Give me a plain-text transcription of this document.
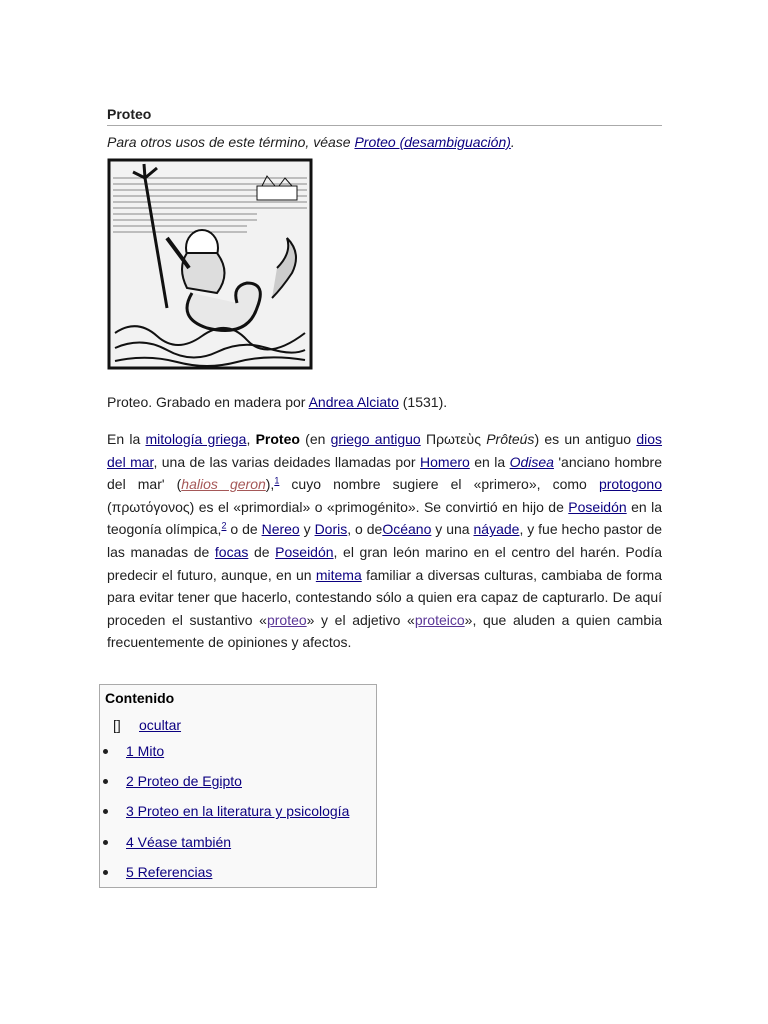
Proteo

Para otros usos de este término, véase Proteo (desambiguación).

Proteo. Grabado en madera por Andrea Alciato (1531).

En la mitología griega, Proteo (en griego antiguo Πρωτεὺς Prôteús) es un antiguo dios del mar, una de las varias deidades llamadas por Homero en la Odisea 'anciano hombre del mar' (halios geron),$^1$ cuyo nombre sugiere el «primero», como protogono (πρωτόγονος) es el «primordial» o «primogénito». Se convirtió en hijo de Poseidón en la teogonía olímpica,$^2$ o de Nereo y Doris, o deOcéano y una náyade, y fue hecho pastor de las manadas de focas de Poseidón, el gran león marino en el centro del harén. Podía predecir el futuro, aunque, en un mitema familiar a diversas culturas, cambiaba de forma para evitar tener que hacerlo, contestando sólo a quien era capaz de capturarlo. De aquí proceden el sustantivo «proteo» y el adjetivo «proteico», que aluden a quien cambia frecuentemente de opiniones y afectos.

Contenido
[ ocultar
]
1 Mito
2 Proteo de Egipto
3 Proteo en la literatura y psicología
4 Véase también
5 Referencias
